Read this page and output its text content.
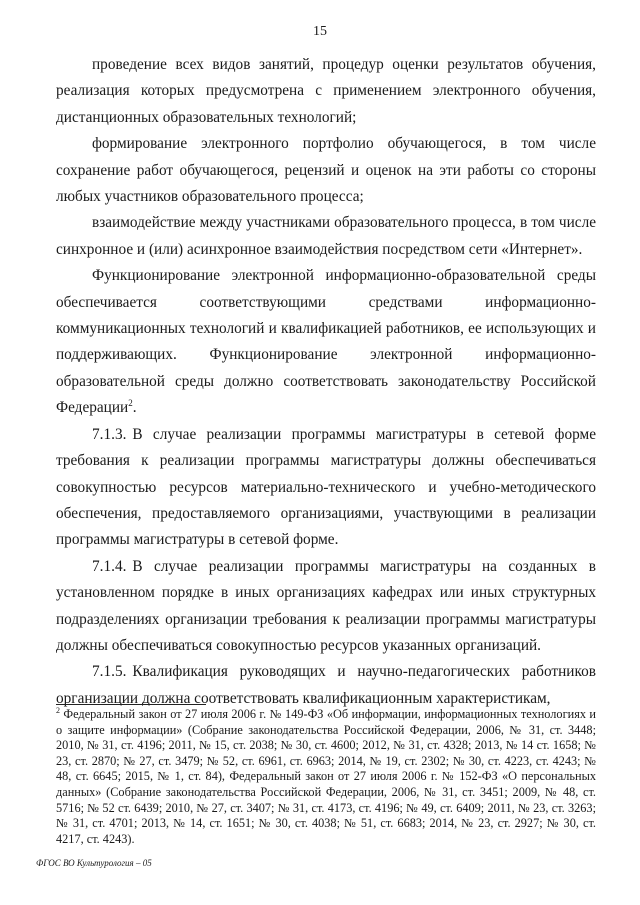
15

проведение всех видов занятий, процедур оценки результатов обучения, реализация которых предусмотрена с применением электронного обучения, дистанционных образовательных технологий;

формирование электронного портфолио обучающегося, в том числе сохранение работ обучающегося, рецензий и оценок на эти работы со стороны любых участников образовательного процесса;

взаимодействие между участниками образовательного процесса, в том числе синхронное и (или) асинхронное взаимодействия посредством сети «Интернет».

Функционирование электронной информационно-образовательной среды обеспечивается соответствующими средствами информационно-коммуникационных технологий и квалификацией работников, ее использующих и поддерживающих. Функционирование электронной информационно-образовательной среды должно соответствовать законодательству Российской Федерации$^2$.

7.1.3. В случае реализации программы магистратуры в сетевой форме требования к реализации программы магистратуры должны обеспечиваться совокупностью ресурсов материально-технического и учебно-методического обеспечения, предоставляемого организациями, участвующими в реализации программы магистратуры в сетевой форме.

7.1.4. В случае реализации программы магистратуры на созданных в установленном порядке в иных организациях кафедрах или иных структурных подразделениях организации требования к реализации программы магистратуры должны обеспечиваться совокупностью ресурсов указанных организаций.

7.1.5. Квалификация руководящих и научно-педагогических работников организации должна соответствовать квалификационным характеристикам,

$^2$ Федеральный закон от 27 июля 2006 г. № 149-ФЗ «Об информации, информационных технологиях и о защите информации» (Собрание законодательства Российской Федерации, 2006, № 31, ст. 3448; 2010, № 31, ст. 4196; 2011, № 15, ст. 2038; № 30, ст. 4600; 2012, № 31, ст. 4328; 2013, № 14 ст. 1658; № 23, ст. 2870; № 27, ст. 3479; № 52, ст. 6961, ст. 6963; 2014, № 19, ст. 2302; № 30, ст. 4223, ст. 4243; № 48, ст. 6645; 2015, № 1, ст. 84), Федеральный закон от 27 июля 2006 г. № 152-ФЗ «О персональных данных» (Собрание законодательства Российской Федерации, 2006, № 31, ст. 3451; 2009, № 48, ст. 5716; № 52 ст. 6439; 2010, № 27, ст. 3407; № 31, ст. 4173, ст. 4196; № 49, ст. 6409; 2011, № 23, ст. 3263; № 31, ст. 4701; 2013, № 14, ст. 1651; № 30, ст. 4038; № 51, ст. 6683; 2014, № 23, ст. 2927; № 30, ст. 4217, ст. 4243).

ФГОС ВО Культурология – 05
